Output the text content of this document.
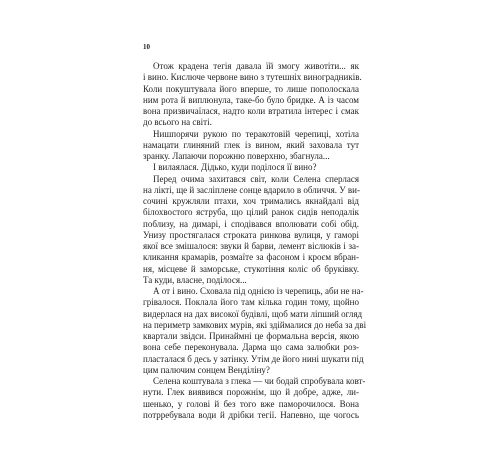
10
Отож крадена тегія давала їй змогу животіти... як
і вино. Кислюче червоне вино з тутешніх виноградників.
Коли покуштувала його вперше, то лише пополоскала
ним рота й виплюнула, таке-бо було бридке. А із часом
вона призвичаїлася, надто коли втратила інтерес і смак
до всього на світі.
Нишпорячи рукою по теракотовій черепиці, хотіла
намацати глиняний глек із вином, який заховала тут
зранку. Лапаючи порожню поверхню, збагнула...
І вилаялася. Дідько, куди поділося її вино?
Перед очима захитався світ, коли Селена сперлася
на лікті, ще й засліплене сонце вдарило в обличчя. У ви-
сочині кружляли птахи, хоч тримались якнайдалі від
білохвостого яструба, що цілий ранок сидів неподалік
поблизу, на димарі, і сподівався вполювати собі обід.
Унизу простягалася строката ринкова вулиця, у гаморі
якої все змішалося: звуки й барви, лемент віслюків і за-
кликання крамарів, розмаїте за фасоном і кроєм вбран-
ня, місцеве й заморське, стукотіння коліс об бруківку.
Та куди, власне, поділося...
А от і вино. Сховала під однією із черепиць, аби не на-
грівалося. Поклала його там кілька годин тому, щойно
видерлася на дах високої будівлі, щоб мати ліпший огляд
на периметр замкових мурів, які здіймалися до неба за дві
квартали звідси. Принаймні це формальна версія, якою
вона себе переконувала. Дарма що сама залюбки роз-
пласталася б десь у затінку. Утім де його нині шукати під
цим палючим сонцем Венділіну?
Селена коштувала з глека — чи бодай спробувала ковт-
нути. Глек виявився порожнім, що й добре, адже, ли-
шенько, у голові й без того вже паморочилося. Вона
потрребувала води й дрібки тегії. Напевно, ще чогось
